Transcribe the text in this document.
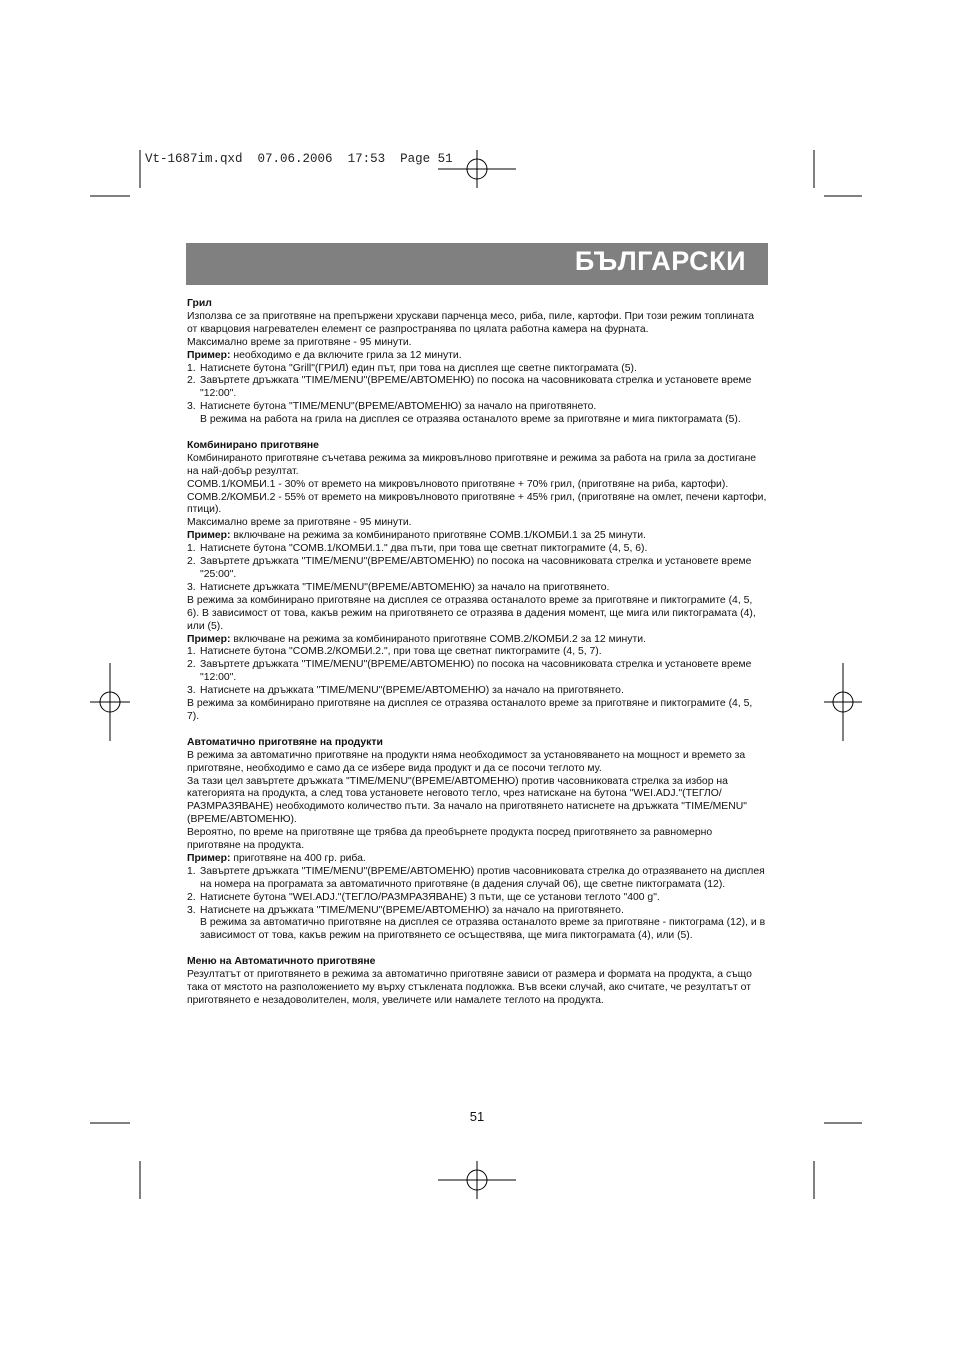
Vt-1687im.qxd 07.06.2006 17:53 Page 51
БЪЛГАРСКИ
Грил
Използва се за приготвяне на препържени хрускави парченца месо, риба, пиле, картофи. При този режим топлината от кварцовия нагревателен елемент се разпространява по цялата работна камера на фурната.
Максимално време за приготвяне - 95 минути.
Пример: необходимо е да включите грила за 12 минути.
1. Натиснете бутона "Grill"(ГРИЛ) един път, при това на дисплея ще светне пиктограмата (5).
2. Завъртете дръжката "TIME/MENU"(ВРЕМЕ/АВТОМЕНЮ) по посока на часовниковата стрелка и установете време "12:00".
3. Натиснете бутона "TIME/MENU"(ВРЕМЕ/АВТОМЕНЮ) за начало на приготвянето.
В режима на работа на грила на дисплея се отразява останалото време за приготвяне и мига пиктограмата (5).
Комбинирано приготвяне
Комбинираното приготвяне съчетава режима за микровълново приготвяне и режима за работа на грила за достигане на най-добър резултат.
COMB.1/КОМБИ.1 - 30% от времето на микровълновото приготвяне + 70% грил, (приготвяне на риба, картофи).
COMB.2/КОМБИ.2 - 55% от времето на микровълновото приготвяне + 45% грил, (приготвяне на омлет, печени картофи, птици).
Максимално време за приготвяне - 95 минути.
Пример: включване на режима за комбинираното приготвяне COMB.1/КОМБИ.1 за 25 минути.
1. Натиснете бутона "COMB.1/КОМБИ.1." два пъти, при това ще светнат пиктограмите (4, 5, 6).
2. Завъртете дръжката "TIME/MENU"(ВРЕМЕ/АВТОМЕНЮ) по посока на часовниковата стрелка и установете време "25:00".
3. Натиснете дръжката "TIME/MENU"(ВРЕМЕ/АВТОМЕНЮ) за начало на приготвянето.
В режима за комбинирано приготвяне на дисплея се отразява останалото време за приготвяне и пиктограмите (4, 5, 6). В зависимост от това, какъв режим на приготвянето се отразява в дадения момент, ще мига или пиктограмата (4), или (5).
Пример: включване на режима за комбинираното приготвяне COMB.2/КОМБИ.2 за 12 минути.
1. Натиснете бутона "COMB.2/КОМБИ.2.", при това ще светнат пиктограмите (4, 5, 7).
2. Завъртете дръжката "TIME/MENU"(ВРЕМЕ/АВТОМЕНЮ) по посока на часовниковата стрелка и установете време "12:00".
3. Натиснете на дръжката "TIME/MENU"(ВРЕМЕ/АВТОМЕНЮ) за начало на приготвянето.
В режима за комбинирано приготвяне на дисплея се отразява останалото време за приготвяне и пиктограмите (4, 5, 7).
Автоматично приготвяне на продукти
В режима за автоматично приготвяне на продукти няма необходимост за установяването на мощност и времето за приготвяне, необходимо е само да се избере вида продукт и да се посочи теглото му.
За тази цел завъртете дръжката "TIME/MENU"(ВРЕМЕ/АВТОМЕНЮ) против часовниковата стрелка за избор на категорията на продукта, а след това установете неговото тегло, чрез натискане на бутона "WEI.ADJ."(ТЕГЛО/РАЗМРАЗЯВАНЕ) необходимото количество пъти. За начало на приготвянето натиснете на дръжката "TIME/MENU"(ВРЕМЕ/АВТОМЕНЮ).
Вероятно, по време на приготвяне ще трябва да преобърнете продукта посред приготвянето за равномерно приготвяне на продукта.
Пример: приготвяне на 400 гр. риба.
1. Завъртете дръжката "TIME/MENU"(ВРЕМЕ/АВТОМЕНЮ) против часовниковата стрелка до отразяването на дисплея на номера на програмата за автоматичното приготвяне (в дадения случай 06), ще светне пиктограмата (12).
2. Натиснете бутона "WEI.ADJ."(ТЕГЛО/РАЗМРАЗЯВАНЕ) 3 пъти, ще се установи теглото "400 g".
3. Натиснете на дръжката "TIME/MENU"(ВРЕМЕ/АВТОМЕНЮ) за начало на приготвянето.
В режима за автоматично приготвяне на дисплея се отразява останалото време за приготвяне - пиктограма (12), и в зависимост от това, какъв режим на приготвянето се осъществява, ще мига пиктограмата (4), или (5).
Меню на Автоматичното приготвяне
Резултатът от приготвянето в режима за автоматично приготвяне зависи от размера и формата на продукта, а също така от мястото на разположението му върху стъклената подложка. Във всеки случай, ако считате, че резултатът от приготвянето е незадоволителен, моля, увеличете или намалете теглото на продукта.
51
